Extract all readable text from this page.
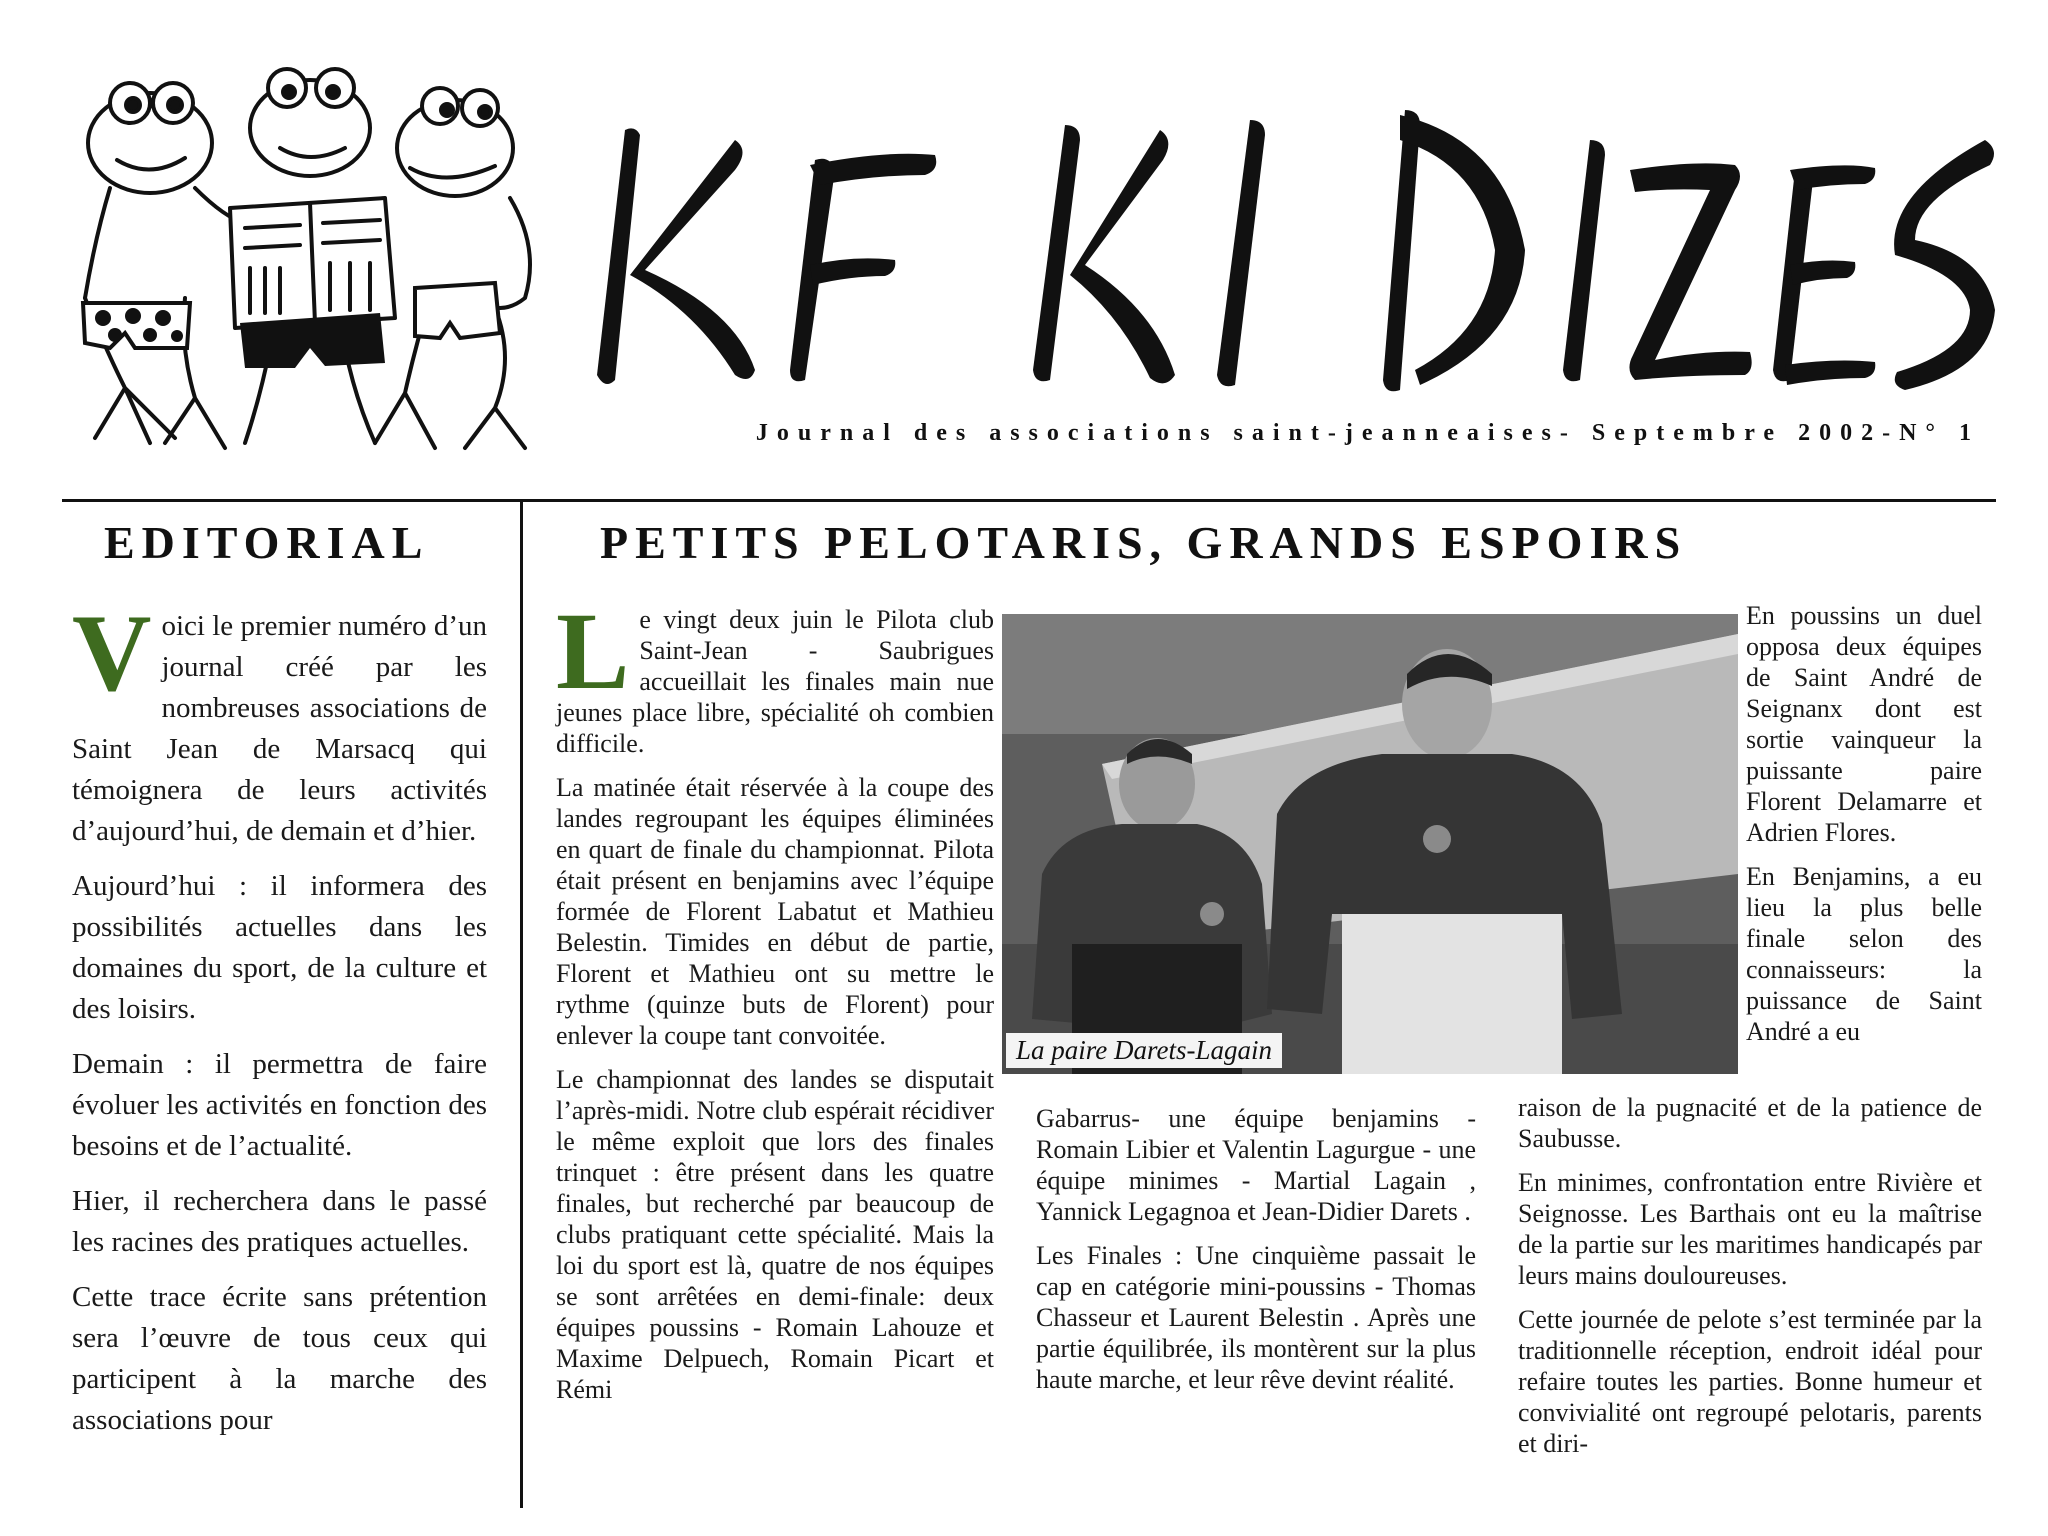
Journal des associations saint-jeanneaises- Septembre 2002-N° 1
EDITORIAL

Voici le premier numéro d’un journal créé par les nombreuses associations de Saint Jean de Marsacq qui témoignera de leurs activités d’aujourd’hui, de demain et d’hier.

Aujourd’hui : il informera des possibilités actuelles dans les domaines du sport, de la culture et des loisirs.

Demain : il permettra de faire évoluer les activités en fonction des besoins et de l’actualité.

Hier, il recherchera dans le passé les racines des pratiques actuelles.

Cette trace écrite sans prétention sera l’œuvre de tous ceux qui participent à la marche des associations pour

PETITS PELOTARIS, GRANDS ESPOIRS

Le vingt deux juin le Pilota club Saint-Jean - Saubrigues accueillait les finales main nue jeunes place libre, spécialité oh combien difficile.

La matinée était réservée à la coupe des landes regroupant les équipes éliminées en quart de finale du championnat. Pilota était présent en benjamins avec l’équipe formée de Florent Labatut et Mathieu Belestin. Timides en début de partie, Florent et Mathieu ont su mettre le rythme (quinze buts de Florent) pour enlever la coupe tant convoitée.

Le championnat des landes se disputait l’après-midi. Notre club espérait récidiver le même exploit que lors des finales trinquet : être présent dans les quatre finales, but recherché par beaucoup de clubs pratiquant cette spécialité. Mais la loi du sport est là, quatre de nos équipes se sont arrêtées en demi-finale: deux équipes poussins - Romain Lahouze et Maxime Delpuech, Romain Picart et Rémi

La paire Darets-Lagain

Gabarrus- une équipe benjamins - Romain Libier et Valentin Lagurgue - une équipe minimes - Martial Lagain , Yannick Legagnoa et Jean-Didier Darets .

Les Finales : Une cinquième passait le cap en catégorie mini-poussins - Thomas Chasseur et Laurent Belestin . Après une partie équilibrée, ils montèrent sur la plus haute marche, et leur rêve devint réalité.

En poussins un duel opposa deux équipes de Saint André de Seignanx dont est sortie vainqueur la puissante paire Florent Delamarre et Adrien Flores.

En Benjamins, a eu lieu la plus belle finale selon des connaisseurs: la puissance de Saint André a eu

raison de la pugnacité et de la patience de Saubusse.

En minimes, confrontation entre Rivière et Seignosse. Les Barthais ont eu la maîtrise de la partie sur les maritimes handicapés par leurs mains douloureuses.

Cette journée de pelote s’est terminée par la traditionnelle réception, endroit idéal pour refaire toutes les parties. Bonne humeur et convivialité ont regroupé pelotaris, parents et diri-
